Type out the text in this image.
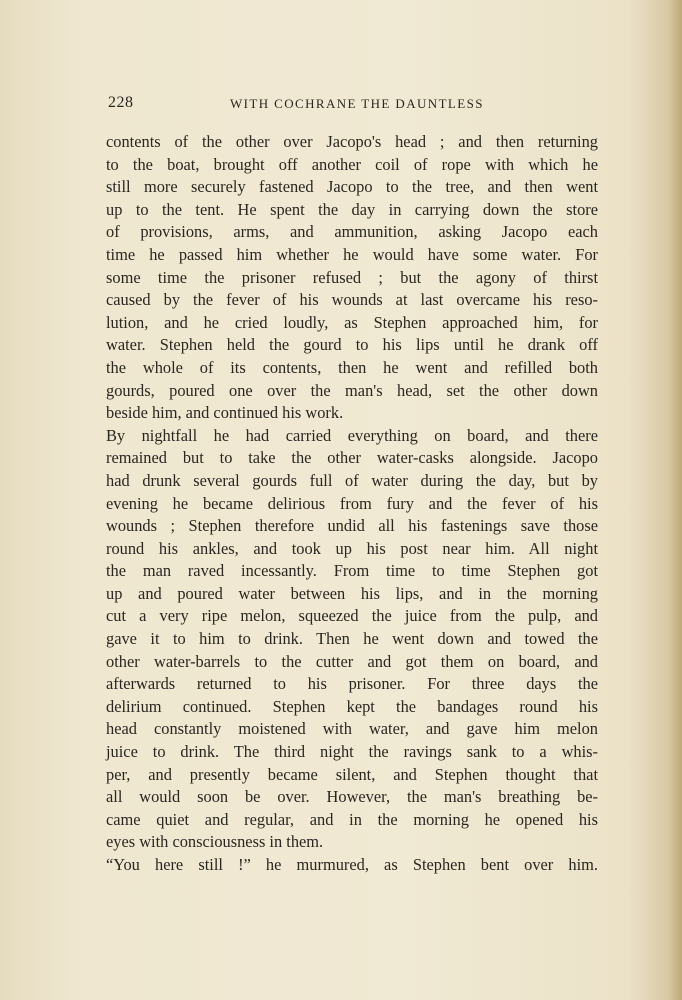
228	WITH COCHRANE THE DAUNTLESS
contents of the other over Jacopo's head ; and then returning
to the boat, brought off another coil of rope with which he
still more securely fastened Jacopo to the tree, and then went
up to the tent. He spent the day in carrying down the store
of provisions, arms, and ammunition, asking Jacopo each
time he passed him whether he would have some water. For
some time the prisoner refused ; but the agony of thirst
caused by the fever of his wounds at last overcame his reso-
lution, and he cried loudly, as Stephen approached him, for
water. Stephen held the gourd to his lips until he drank off
the whole of its contents, then he went and refilled both
gourds, poured one over the man's head, set the other down
beside him, and continued his work.
By nightfall he had carried everything on board, and there
remained but to take the other water-casks alongside. Jacopo
had drunk several gourds full of water during the day, but by
evening he became delirious from fury and the fever of his
wounds ; Stephen therefore undid all his fastenings save those
round his ankles, and took up his post near him. All night
the man raved incessantly. From time to time Stephen got
up and poured water between his lips, and in the morning
cut a very ripe melon, squeezed the juice from the pulp, and
gave it to him to drink. Then he went down and towed the
other water-barrels to the cutter and got them on board, and
afterwards returned to his prisoner. For three days the
delirium continued. Stephen kept the bandages round his
head constantly moistened with water, and gave him melon
juice to drink. The third night the ravings sank to a whis-
per, and presently became silent, and Stephen thought that
all would soon be over. However, the man's breathing be-
came quiet and regular, and in the morning he opened his
eyes with consciousness in them.
“You here still !” he murmured, as Stephen bent over him.
